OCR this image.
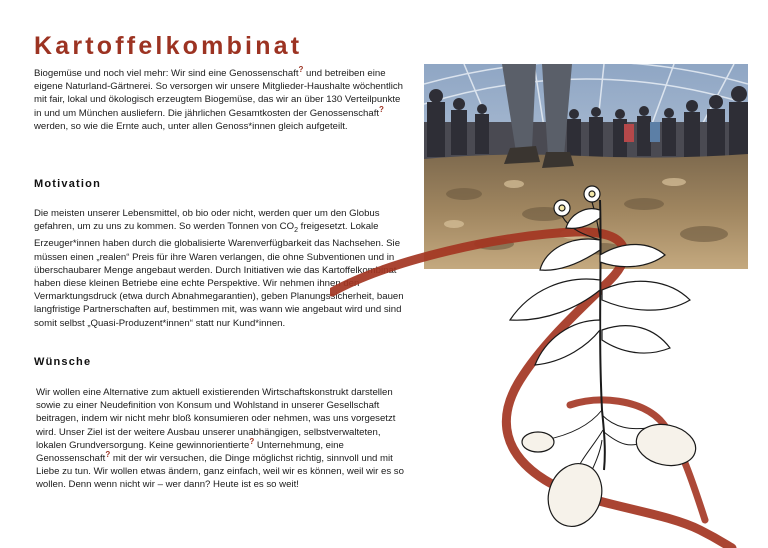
Kartoffelkombinat

Biogemüse und noch viel mehr: Wir sind eine Genossenschaft? und betreiben eine eigene Naturland-Gärtnerei. So versorgen wir unsere Mitglieder-Haushalte wöchentlich mit fair, lokal und ökologisch erzeugtem Biogemüse, das wir an über 130 Verteilpunkte in und um München ausliefern. Die jährlichen Gesamtkosten der Genossenschaft? werden, so wie die Ernte auch, unter allen Genoss*innen gleich aufgeteilt.

Motivation

Die meisten unserer Lebensmittel, ob bio oder nicht, werden quer um den Globus gefahren, um zu uns zu kommen. So werden Tonnen von $CO_2$ freigesetzt. Lokale Erzeuger*innen haben durch die globalisierte Warenverfügbarkeit das Nachsehen. Sie müssen einen „realen“ Preis für ihre Waren verlangen, die ohne Subventionen und in überschaubarer Menge angebaut werden. Durch Initiativen wie das Kartoffelkombinat haben diese kleinen Betriebe eine echte Perspektive. Wir nehmen ihnen den Vermarktungsdruck (etwa durch Abnahmegarantien), geben Planungssicherheit, bauen langfristige Partnerschaften auf, bestimmen mit, was wann wie angebaut wird und sind somit selbst „Quasi-Produzent*innen“ statt nur Kund*innen.

Wünsche

Wir wollen eine Alternative zum aktuell existierenden Wirtschaftskonstrukt darstellen sowie zu einer Neudefinition von Konsum und Wohlstand in unserer Gesellschaft beitragen, indem wir nicht mehr bloß konsumieren oder nehmen, was uns vorgesetzt wird. Unser Ziel ist der weitere Ausbau unserer unabhängigen, selbstverwalteten, lokalen Grundversorgung. Keine gewinnorientierte? Unternehmung, eine Genossenschaft? mit der wir versuchen, die Dinge möglichst richtig, sinnvoll und mit Liebe zu tun. Wir wollen etwas ändern, ganz einfach, weil wir es können, weil wir es so wollen. Denn wenn nicht wir – wer dann? Heute ist es so weit!
